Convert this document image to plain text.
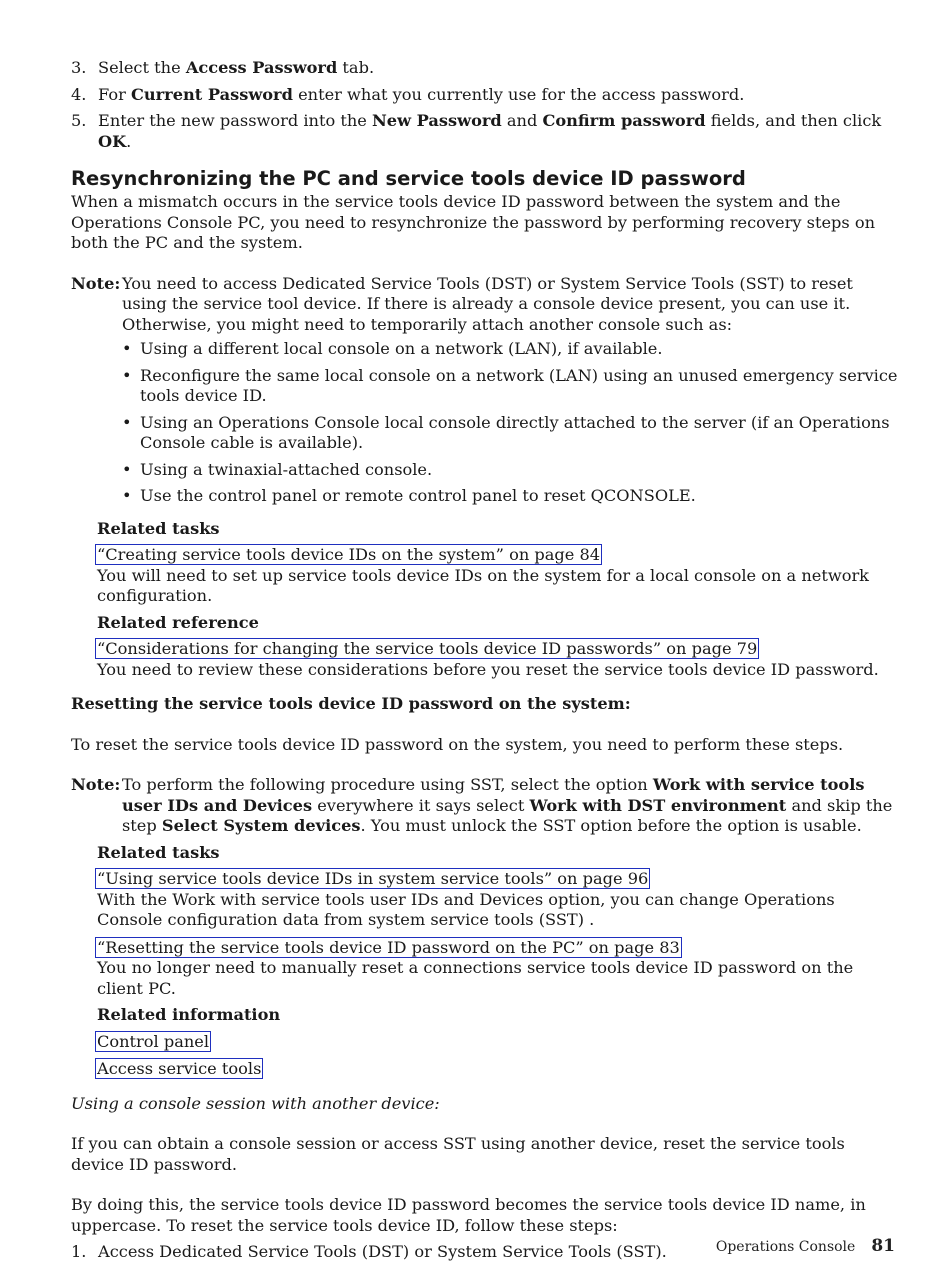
3. Select the Access Password tab.
4. For Current Password enter what you currently use for the access password.
5. Enter the new password into the New Password and Confirm password fields, and then click OK.
Resynchronizing the PC and service tools device ID password

When a mismatch occurs in the service tools device ID password between the system and the Operations Console PC, you need to resynchronize the password by performing recovery steps on both the PC and the system.

Note: You need to access Dedicated Service Tools (DST) or System Service Tools (SST) to reset using the service tool device. If there is already a console device present, you can use it. Otherwise, you might need to temporarily attach another console such as:

• Using a different local console on a network (LAN), if available.
• Reconfigure the same local console on a network (LAN) using an unused emergency service tools device ID.
• Using an Operations Console local console directly attached to the server (if an Operations Console cable is available).
• Using a twinaxial-attached console.
• Use the control panel or remote control panel to reset QCONSOLE.

Related tasks

“Creating service tools device IDs on the system” on page 84

You will need to set up service tools device IDs on the system for a local console on a network configuration.

Related reference

“Considerations for changing the service tools device ID passwords” on page 79

You need to review these considerations before you reset the service tools device ID password.

Resetting the service tools device ID password on the system:

To reset the service tools device ID password on the system, you need to perform these steps.

Note: To perform the following procedure using SST, select the option Work with service tools user IDs and Devices everywhere it says select Work with DST environment and skip the step Select System devices. You must unlock the SST option before the option is usable.

Related tasks

“Using service tools device IDs in system service tools” on page 96

With the Work with service tools user IDs and Devices option, you can change Operations Console configuration data from system service tools (SST) .

“Resetting the service tools device ID password on the PC” on page 83

You no longer need to manually reset a connections service tools device ID password on the client PC.

Related information

Control panel
Access service tools

Using a console session with another device:

If you can obtain a console session or access SST using another device, reset the service tools device ID password.

By doing this, the service tools device ID password becomes the service tools device ID name, in uppercase. To reset the service tools device ID, follow these steps:

1. Access Dedicated Service Tools (DST) or System Service Tools (SST).	Operations Console 81
